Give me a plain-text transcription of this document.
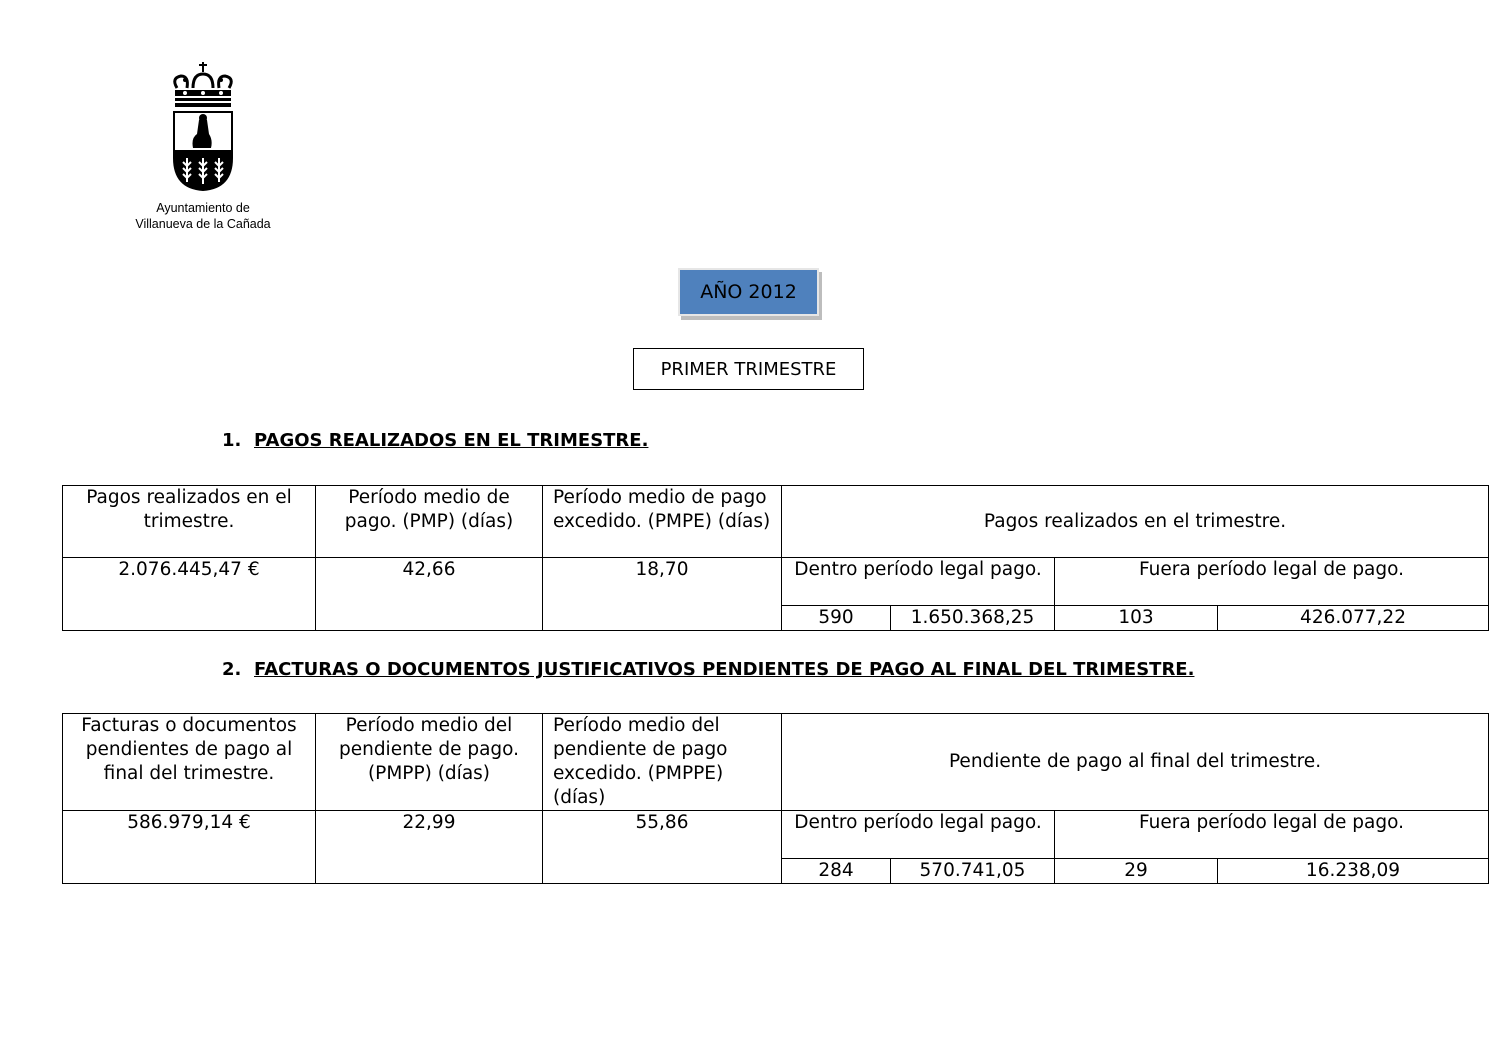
Ayuntamiento de
Villanueva de la Cañada
AÑO 2012
PRIMER TRIMESTRE
1. PAGOS REALIZADOS EN EL TRIMESTRE.
Pagos realizados en el trimestre.	Período medio de pago. (PMP) (días)	Período medio de pago excedido. (PMPE) (días)	Pagos realizados en el trimestre.			
2.076.445,47 €	42,66	18,70	Dentro período legal pago.		Fuera período legal de pago.	
			590	1.650.368,25	103	426.077,22
2. FACTURAS O DOCUMENTOS JUSTIFICATIVOS PENDIENTES DE PAGO AL FINAL DEL TRIMESTRE.
Facturas o documentos pendientes de pago al final del trimestre.	Período medio del pendiente de pago. (PMPP) (días)	Período medio del pendiente de pago excedido. (PMPPE) (días)	Pendiente de pago al final del trimestre.			
586.979,14 €	22,99	55,86	Dentro período legal pago.		Fuera período legal de pago.	
			284	570.741,05	29	16.238,09
